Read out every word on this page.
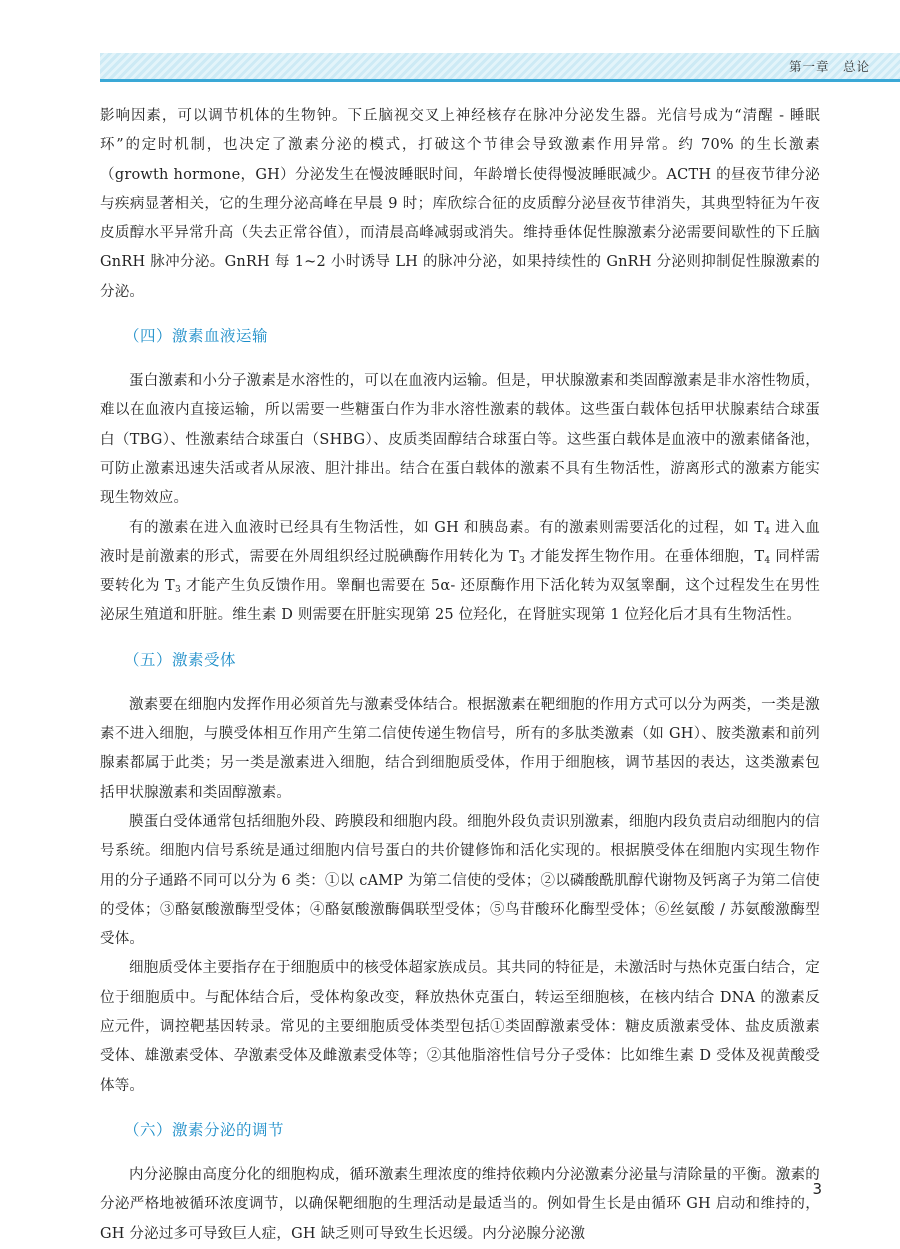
第一章　 总论

影响因素，可以调节机体的生物钟。下丘脑视交叉上神经核存在脉冲分泌发生器。光信号成为“清醒 - 睡眠环”的定时机制，也决定了激素分泌的模式，打破这个节律会导致激素作用异常。约 70% 的生长激素（growth hormone，GH）分泌发生在慢波睡眠时间，年龄增长使得慢波睡眠减少。ACTH 的昼夜节律分泌与疾病显著相关，它的生理分泌高峰在早晨 9 时；库欣综合征的皮质醇分泌昼夜节律消失，其典型特征为午夜皮质醇水平异常升高（失去正常谷值），而清晨高峰减弱或消失。维持垂体促性腺激素分泌需要间歇性的下丘脑 GnRH 脉冲分泌。GnRH 每 1~2 小时诱导 LH 的脉冲分泌，如果持续性的 GnRH 分泌则抑制促性腺激素的分泌。

（四）激素血液运输

蛋白激素和小分子激素是水溶性的，可以在血液内运输。但是，甲状腺激素和类固醇激素是非水溶性物质，难以在血液内直接运输，所以需要一些糖蛋白作为非水溶性激素的载体。这些蛋白载体包括甲状腺素结合球蛋白（TBG）、性激素结合球蛋白（SHBG）、皮质类固醇结合球蛋白等。这些蛋白载体是血液中的激素储备池，可防止激素迅速失活或者从尿液、胆汁排出。结合在蛋白载体的激素不具有生物活性，游离形式的激素方能实现生物效应。

有的激素在进入血液时已经具有生物活性，如 GH 和胰岛素。有的激素则需要活化的过程，如 $T_4$ 进入血液时是前激素的形式，需要在外周组织经过脱碘酶作用转化为 $T_3$ 才能发挥生物作用。在垂体细胞，$T_4$ 同样需要转化为 $T_3$ 才能产生负反馈作用。睾酮也需要在 5α- 还原酶作用下活化转为双氢睾酮，这个过程发生在男性泌尿生殖道和肝脏。维生素 D 则需要在肝脏实现第 25 位羟化，在肾脏实现第 1 位羟化后才具有生物活性。

（五）激素受体

激素要在细胞内发挥作用必须首先与激素受体结合。根据激素在靶细胞的作用方式可以分为两类，一类是激素不进入细胞，与膜受体相互作用产生第二信使传递生物信号，所有的多肽类激素（如 GH）、胺类激素和前列腺素都属于此类；另一类是激素进入细胞，结合到细胞质受体，作用于细胞核，调节基因的表达，这类激素包括甲状腺激素和类固醇激素。

膜蛋白受体通常包括细胞外段、跨膜段和细胞内段。细胞外段负责识别激素，细胞内段负责启动细胞内的信号系统。细胞内信号系统是通过细胞内信号蛋白的共价键修饰和活化实现的。根据膜受体在细胞内实现生物作用的分子通路不同可以分为 6 类：①以 cAMP 为第二信使的受体；②以磷酸酰肌醇代谢物及钙离子为第二信使的受体；③酪氨酸激酶型受体；④酪氨酸激酶偶联型受体；⑤鸟苷酸环化酶型受体；⑥丝氨酸 / 苏氨酸激酶型受体。

细胞质受体主要指存在于细胞质中的核受体超家族成员。其共同的特征是，未激活时与热休克蛋白结合，定位于细胞质中。与配体结合后，受体构象改变，释放热休克蛋白，转运至细胞核，在核内结合 DNA 的激素反应元件，调控靶基因转录。常见的主要细胞质受体类型包括①类固醇激素受体：糖皮质激素受体、盐皮质激素受体、雄激素受体、孕激素受体及雌激素受体等；②其他脂溶性信号分子受体：比如维生素 D 受体及视黄酸受体等。

（六）激素分泌的调节

内分泌腺由高度分化的细胞构成，循环激素生理浓度的维持依赖内分泌激素分泌量与清除量的平衡。激素的分泌严格地被循环浓度调节，以确保靶细胞的生理活动是最适当的。例如骨生长是由循环 GH 启动和维持的，GH 分泌过多可导致巨人症，GH 缺乏则可导致生长迟缓。内分泌腺分泌激

3
